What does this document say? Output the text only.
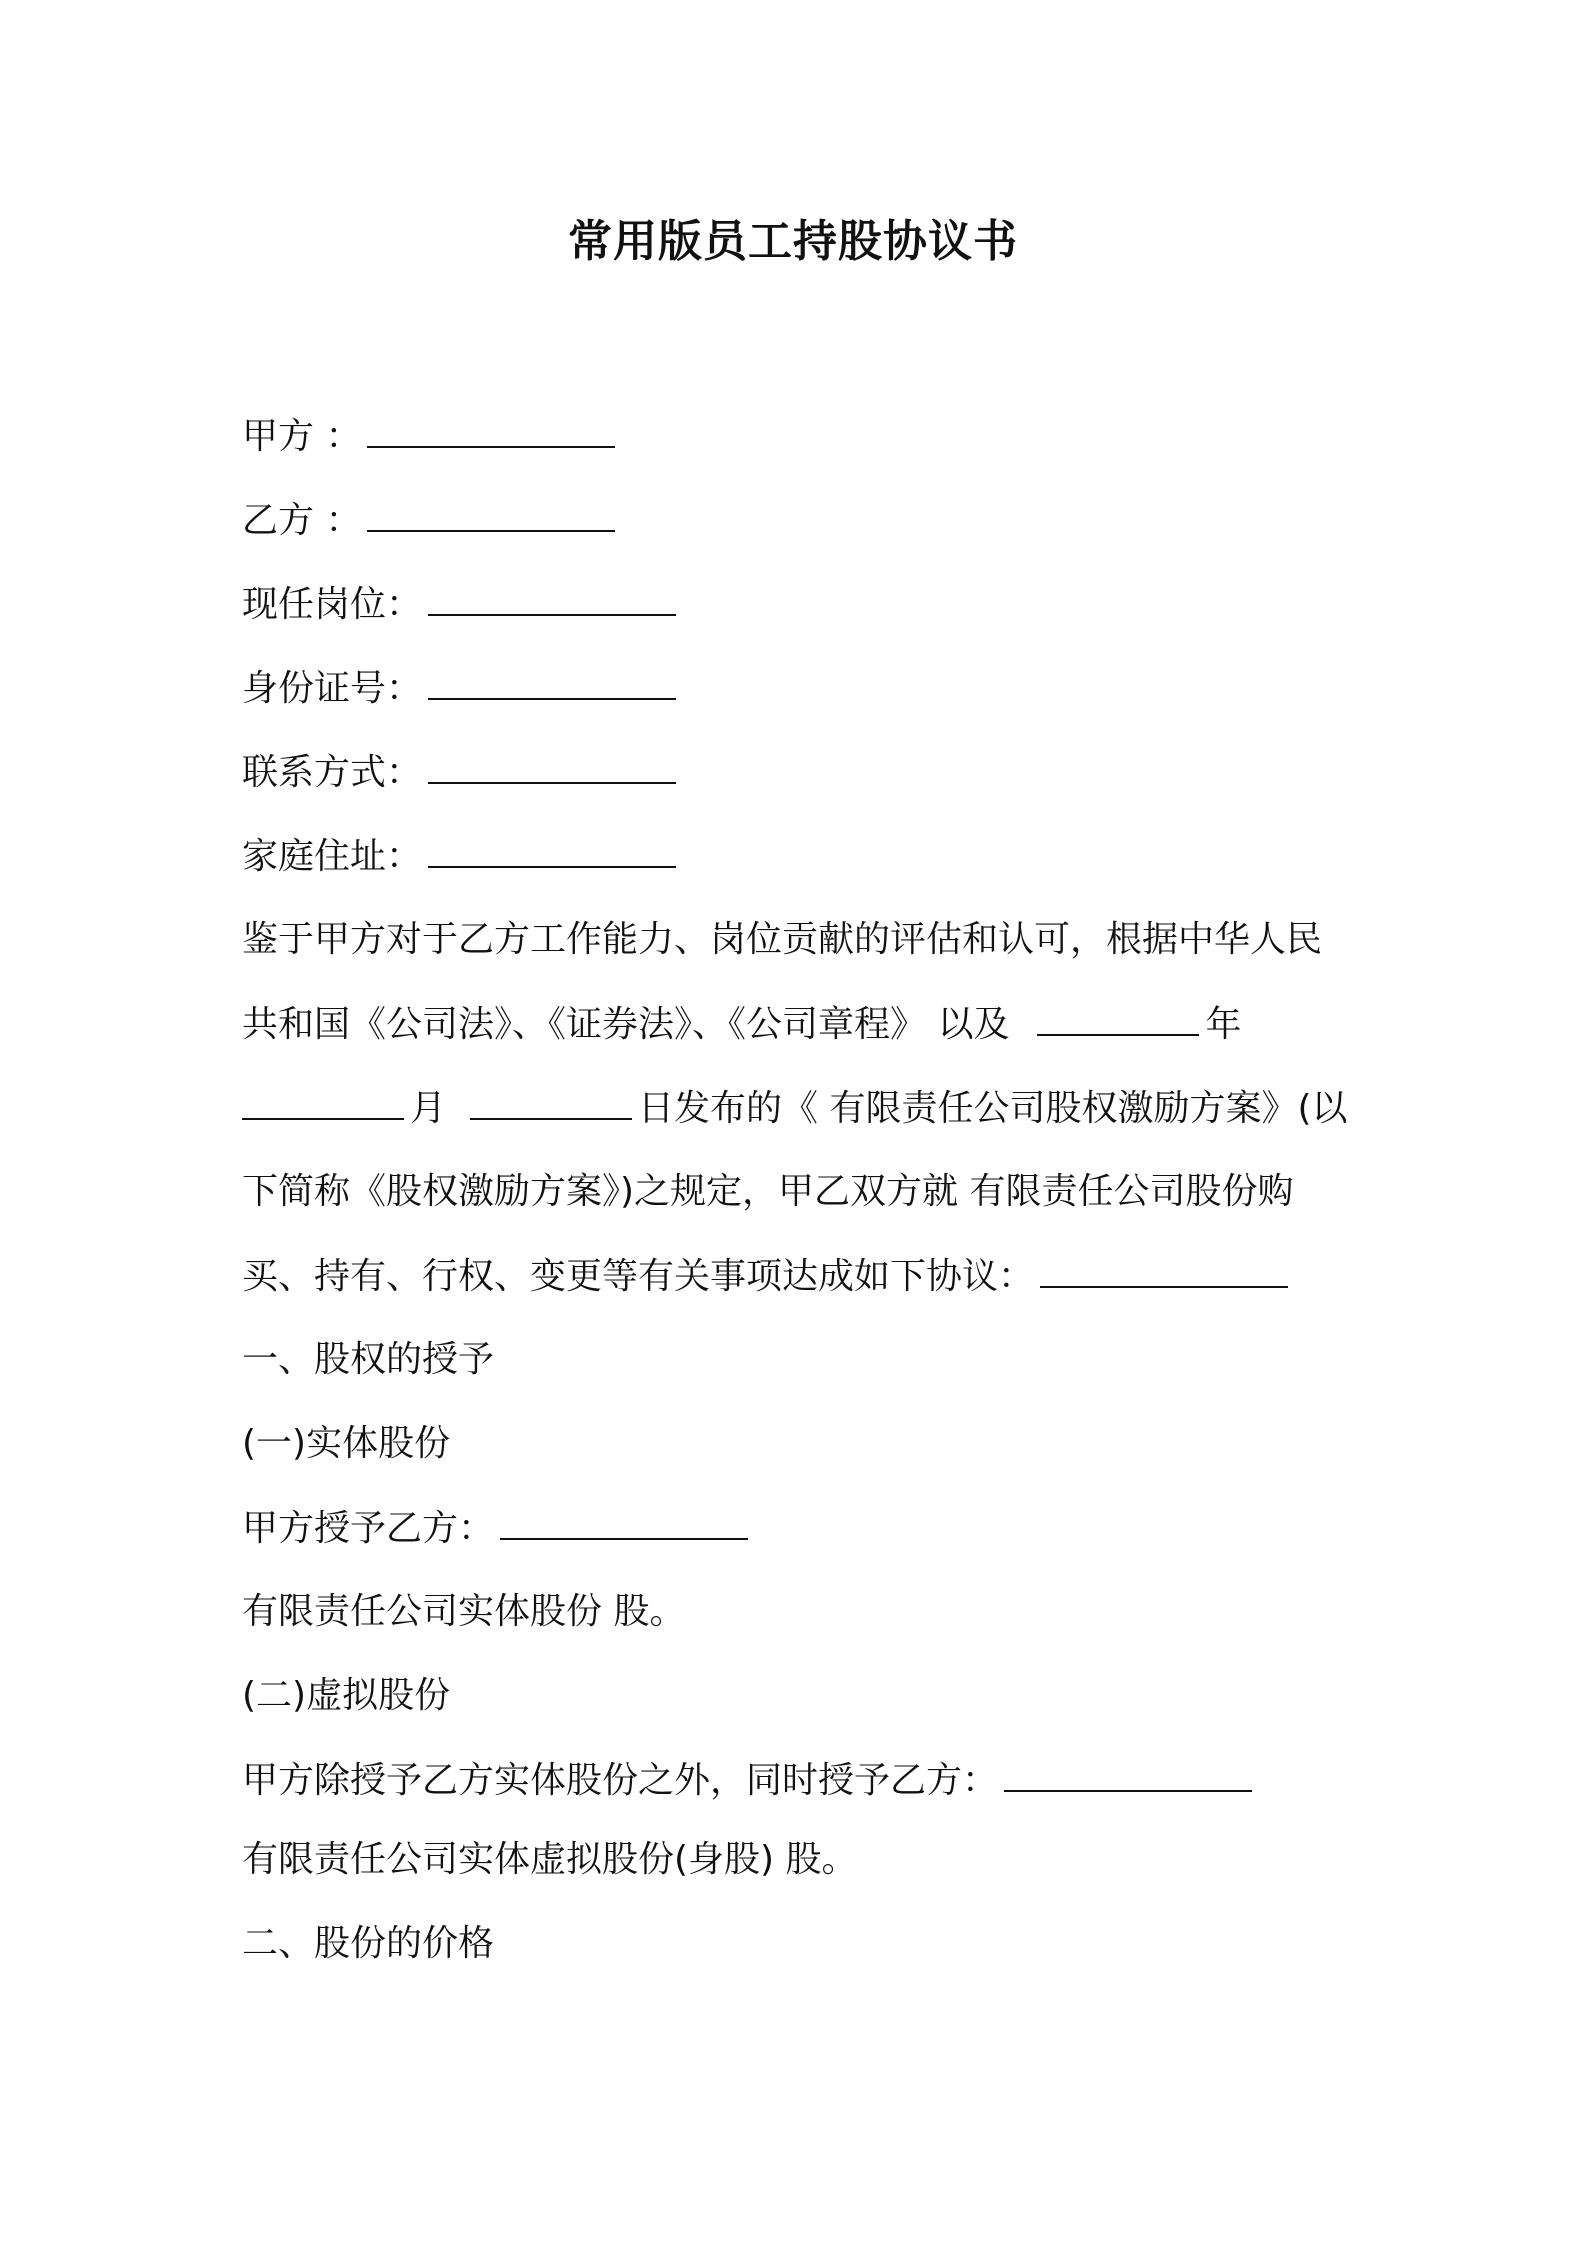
常用版员工持股协议书
甲方 ：
乙方 ：
现任岗位：
身份证号：
联系方式：
家庭住址：
鉴于甲方对于乙方工作能力、岗位贡献的评估和认可，根据中华人民
共和国《公司法》、《证券法》、《公司章程》 以及	年
月	日发布的《 有限责任公司股权激励方案》(以
下简称《股权激励方案》)之规定，甲乙双方就 有限责任公司股份购
买、持有、行权、变更等有关事项达成如下协议：
一、股权的授予
(一)实体股份
甲方授予乙方：
有限责任公司实体股份 股。
(二)虚拟股份
甲方除授予乙方实体股份之外，同时授予乙方：
有限责任公司实体虚拟股份(身股) 股。
二、股份的价格
